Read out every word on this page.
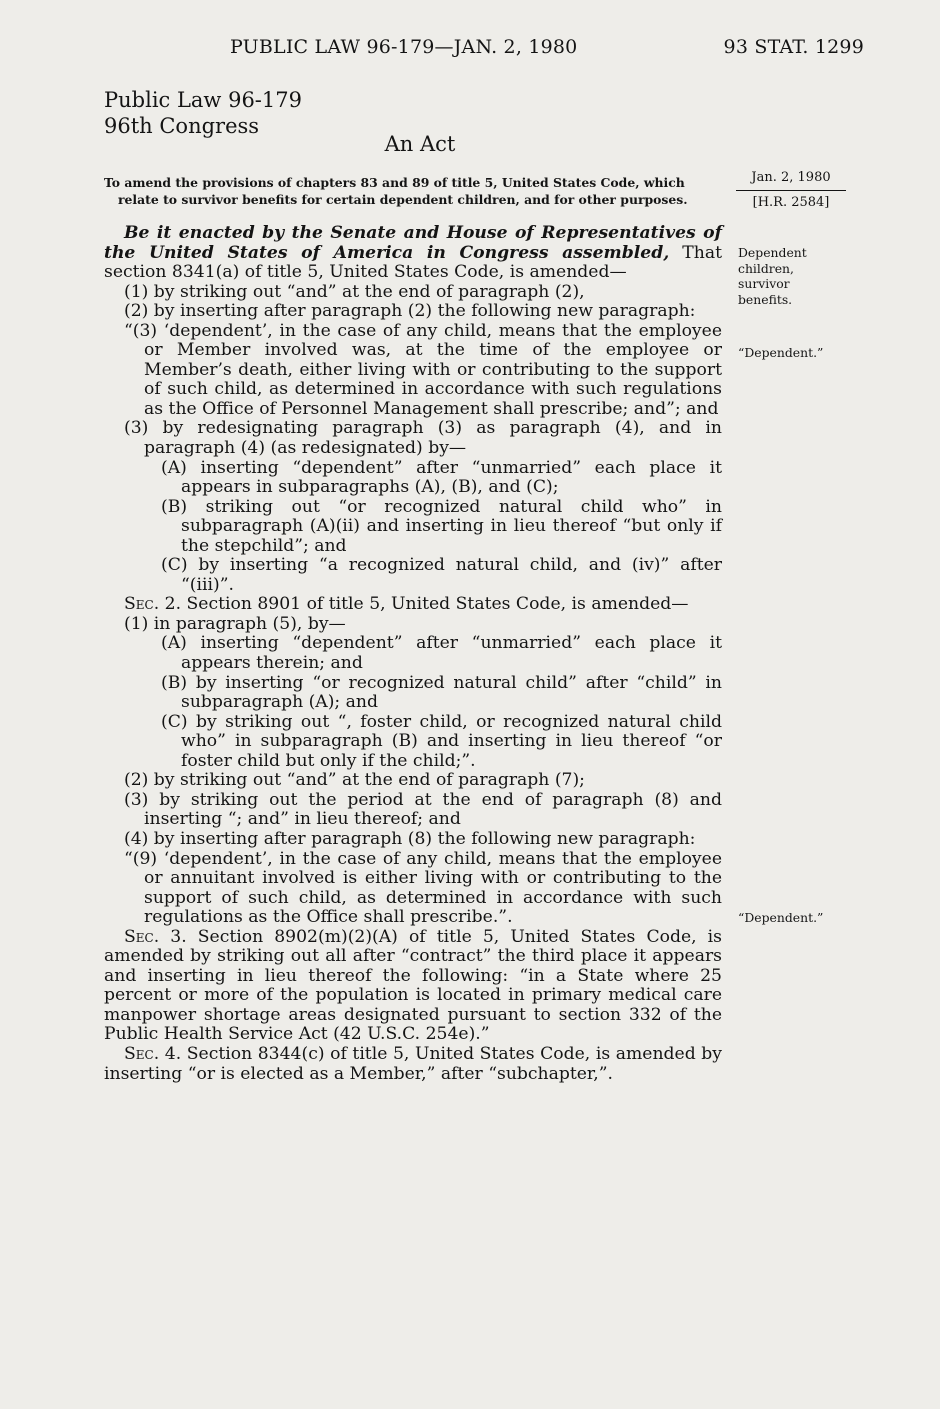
PUBLIC LAW 96-179—JAN. 2, 1980	93 STAT. 1299
Public Law 96-179
96th Congress
An Act
To amend the provisions of chapters 83 and 89 of title 5, United States Code, which
relate to survivor benefits for certain dependent children, and for other purposes.
Jan. 2, 1980
[H.R. 2584]
Dependent
children,
survivor
benefits.
“Dependent.”
“Dependent.”

Be it enacted by the Senate and House of Representatives of the United States of America in Congress assembled, That section 8341(a) of title 5, United States Code, is amended—

(1) by striking out “and” at the end of paragraph (2),

(2) by inserting after paragraph (2) the following new paragraph:

“(3) ‘dependent’, in the case of any child, means that the employee or Member involved was, at the time of the employee or Member’s death, either living with or contributing to the support of such child, as determined in accordance with such regulations as the Office of Personnel Management shall prescribe; and”; and

(3) by redesignating paragraph (3) as paragraph (4), and in paragraph (4) (as redesignated) by—

(A) inserting “dependent” after “unmarried” each place it appears in subparagraphs (A), (B), and (C);

(B) striking out “or recognized natural child who” in subparagraph (A)(ii) and inserting in lieu thereof “but only if the stepchild”; and

(C) by inserting “a recognized natural child, and (iv)” after “(iii)”.

Sec. 2. Section 8901 of title 5, United States Code, is amended—

(1) in paragraph (5), by—

(A) inserting “dependent” after “unmarried” each place it appears therein; and

(B) by inserting “or recognized natural child” after “child” in subparagraph (A); and

(C) by striking out “, foster child, or recognized natural child who” in subparagraph (B) and inserting in lieu thereof “or foster child but only if the child;”.

(2) by striking out “and” at the end of paragraph (7);

(3) by striking out the period at the end of paragraph (8) and inserting “; and” in lieu thereof; and

(4) by inserting after paragraph (8) the following new paragraph:

“(9) ‘dependent’, in the case of any child, means that the employee or annuitant involved is either living with or contributing to the support of such child, as determined in accordance with such regulations as the Office shall prescribe.”.

Sec. 3. Section 8902(m)(2)(A) of title 5, United States Code, is amended by striking out all after “contract” the third place it appears and inserting in lieu thereof the following: “in a State where 25 percent or more of the population is located in primary medical care manpower shortage areas designated pursuant to section 332 of the Public Health Service Act (42 U.S.C. 254e).”

Sec. 4. Section 8344(c) of title 5, United States Code, is amended by inserting “or is elected as a Member,” after “subchapter,”.
